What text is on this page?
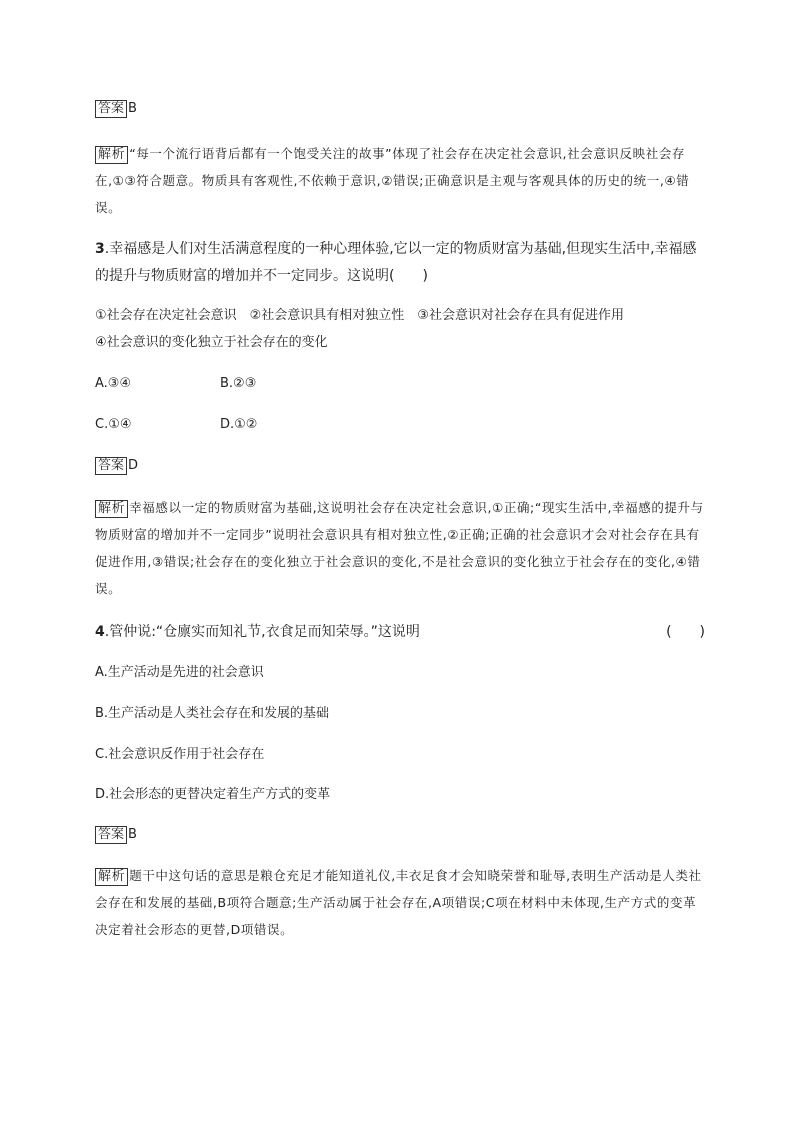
答案 B
解析 “每一个流行语背后都有一个饱受关注的故事”体现了社会存在决定社会意识,社会意识反映社会存在,①③符合题意。物质具有客观性,不依赖于意识,②错误;正确意识是主观与客观具体的历史的统一,④错误。
3.幸福感是人们对生活满意程度的一种心理体验,它以一定的物质财富为基础,但现实生活中,幸福感的提升与物质财富的增加并不一定同步。这说明(　　)
①社会存在决定社会意识　②社会意识具有相对独立性　③社会意识对社会存在具有促进作用
④社会意识的变化独立于社会存在的变化
A.③④	B.②③
C.①④	D.①②
答案 D
解析 幸福感以一定的物质财富为基础,这说明社会存在决定社会意识,①正确;“现实生活中,幸福感的提升与物质财富的增加并不一定同步”说明社会意识具有相对独立性,②正确;正确的社会意识才会对社会存在具有促进作用,③错误;社会存在的变化独立于社会意识的变化,不是社会意识的变化独立于社会存在的变化,④错误。
4.管仲说:“仓廪实而知礼节,衣食足而知荣辱。”这说明	(　　)
A.生产活动是先进的社会意识
B.生产活动是人类社会存在和发展的基础
C.社会意识反作用于社会存在
D.社会形态的更替决定着生产方式的变革
答案 B
解析 题干中这句话的意思是粮仓充足才能知道礼仪,丰衣足食才会知晓荣誉和耻辱,表明生产活动是人类社会存在和发展的基础,B项符合题意;生产活动属于社会存在,A项错误;C项在材料中未体现,生产方式的变革决定着社会形态的更替,D项错误。
